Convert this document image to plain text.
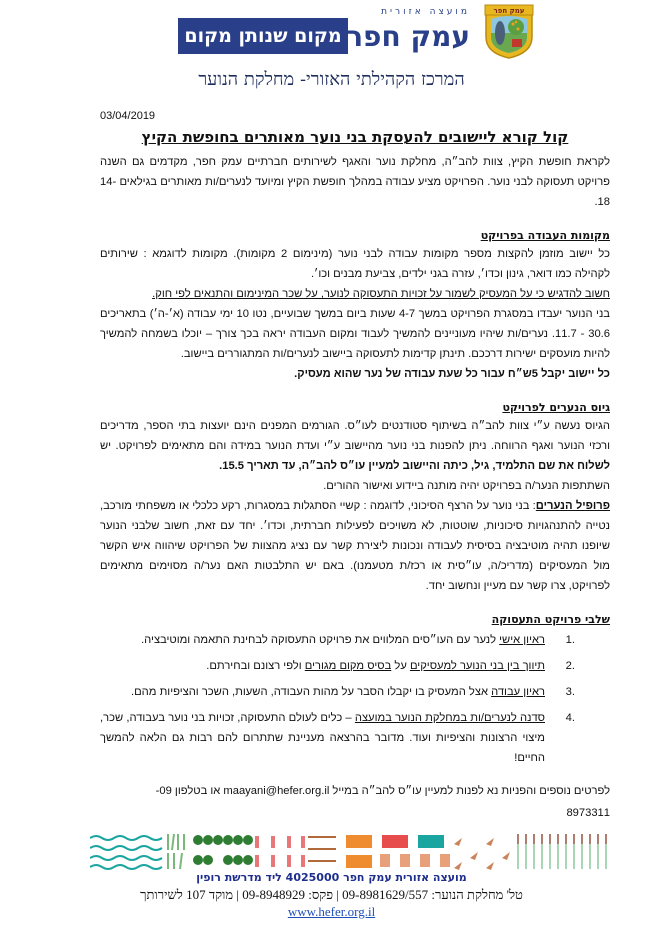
מקום שנותן מקום
מועצה אזורית
עמק חפר
עמק חפר
המרכז הקהילתי האזורי- מחלקת הנוער
03/04/2019
קול קורא ליישובים להעסקת בני נוער מאותרים בחופשת הקיץ
לקראת חופשת הקיץ, צוות להב״ה, מחלקת נוער והאגף לשירותים חברתיים עמק חפר, מקדמים גם השנה פרויקט תעסוקה לבני נוער. הפרויקט מציע עבודה במהלך חופשת הקיץ ומיועד לנערים/ות מאותרים בגילאים 14-18.
מקומות העבודה בפרויקט
כל יישוב מוזמן להקצות מספר מקומות עבודה לבני נוער (מינימום 2 מקומות). מקומות לדוגמא : שירותים לקהילה כמו דואר, גינון וכדו׳, עזרה בגני ילדים, צביעת מבנים וכו׳.
חשוב להדגיש כי על המעסיק לשמור על זכויות התעסוקה לנוער, על שכר המינימום והתנאים לפי חוק.
בני הנוער יעבדו במסגרת הפרויקט במשך 4-7 שעות ביום במשך שבועיים, נטו 10 ימי עבודה (א׳-ה׳) בתאריכים 30.6 - 11.7. נערים/ות שיהיו מעוניינים להמשיך לעבוד ומקום העבודה יראה בכך צורך – יוכלו בשמחה להמשיך להיות מועסקים ישירות דרככם. תינתן קדימות לתעסוקה ביישוב לנערים/ות המתגוררים ביישוב.
כל יישוב יקבל 5ש״ח עבור כל שעת עבודה של נער שהוא מעסיק.
גיוס הנערים לפרויקט
הגיוס נעשה ע״י צוות להב״ה בשיתוף סטודנטים לעו״ס. הגורמים המפנים הינם יועצות בתי הספר, מדריכים ורכזי הנוער ואגף הרווחה. ניתן להפנות בני נוער מהיישוב ע״י ועדת הנוער במידה והם מתאימים לפרויקט. יש לשלוח את שם התלמיד, גיל, כיתה והיישוב למעיין עו״ס להב״ה, עד תאריך 15.5.
השתתפות הנער/ה בפרויקט יהיה מותנה ביידוע ואישור ההורים.
פרופיל הנערים: בני נוער על הרצף הסיכוני, לדוגמה : קשיי הסתגלות במסגרות, רקע כלכלי או משפחתי מורכב, נטייה להתנהגויות סיכוניות, שוטטות, לא משויכים לפעילות חברתית, וכדו׳. יחד עם זאת, חשוב שלבני הנוער שיופנו תהיה מוטיבציה בסיסית לעבודה ונכונות ליצירת קשר עם נציג מהצוות של הפרויקט שיהווה איש הקשר מול המעסיקים (מדריכ/ה, עו״סית או רכז/ת מטעמנו). באם יש התלבטות האם נער/ה מסוימים מתאימים לפרויקט, צרו קשר עם מעיין ונחשוב יחד.
שלבי פרויקט התעסוקה
1.
ראיון אישי לנער עם העו״סים המלווים את פרויקט התעסוקה לבחינת התאמה ומוטיבציה.
2.
תיווך בין בני הנוער למעסיקים על בסיס מקום מגורים ולפי רצונם ובחירתם.
3.
ראיון עבודה אצל המעסיק בו יקבלו הסבר על מהות העבודה, השעות, השכר והציפיות מהם.
4.
סדנה לנערים/ות במחלקת הנוער במועצה – כלים לעולם התעסוקה, זכויות בני נוער בעבודה, שכר, מיצוי הרצונות והציפיות ועוד. מדובר בהרצאה מעניינת שתתרום להם רבות גם הלאה להמשך החיים!
לפרטים נוספים והפניות נא לפנות למעיין עו״ס להב״ה במייל maayani@hefer.org.il או בטלפון 09-
8973311
מועצה אזורית עמק חפר 4025000 ליד מדרשת רופין
טל' מחלקת הנוער: 09-8981629/557 | פקס: 09-8948929 | מוקד 107 לשירותך
www.hefer.org.il
